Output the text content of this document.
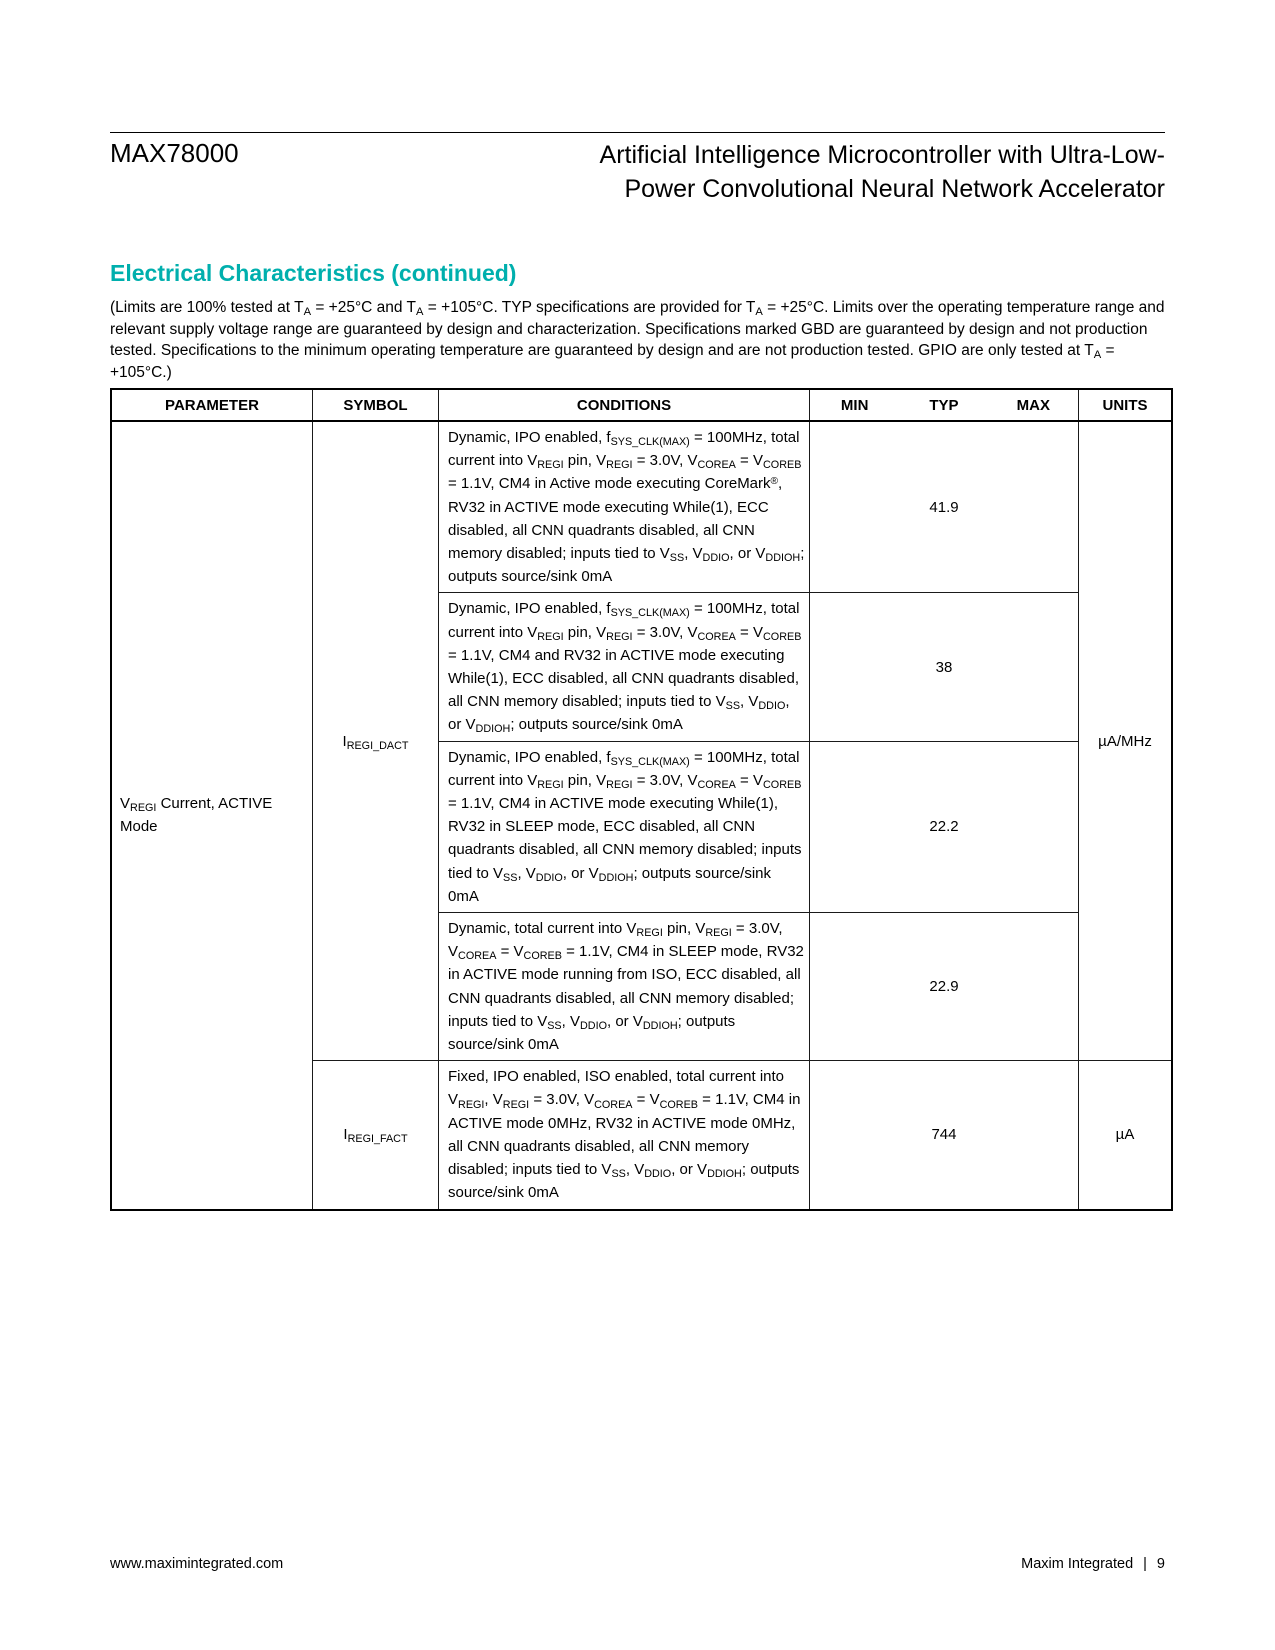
MAX78000	Artificial Intelligence Microcontroller with Ultra-Low-
Power Convolutional Neural Network Accelerator
Electrical Characteristics (continued)

(Limits are 100% tested at $T_A = +25^\circ C$ and $T_A = +105^\circ C$. TYP specifications are provided for $T_A = +25^\circ C$. Limits over the operating temperature range and relevant supply voltage range are guaranteed by design and characterization. Specifications marked GBD are guaranteed by design and not production tested. Specifications to the minimum operating temperature are guaranteed by design and are not production tested. GPIO are only tested at $T_A = +105^\circ C$.)

PARAMETER	SYMBOL	CONDITIONS	MIN TYP MAX	UNITS
$V_{REGI}$ Current, ACTIVE Mode	$I_{REGI\_DACT}$	Dynamic, IPO enabled, $f_{SYS\_CLK(MAX)} = 100MHz$, total current into $V_{REGI}$ pin, $V_{REGI} = 3.0V$, $V_{COREA} = V_{COREB} = 1.1V$, CM4 in Active mode executing CoreMark®, RV32 in ACTIVE mode executing While(1), ECC disabled, all CNN quadrants disabled, all CNN memory disabled; inputs tied to $V_{SS}$, $V_{DDIO}$, or $V_{DDIOH}$; outputs source/sink 0mA	41.9	µA/MHz
		Dynamic, IPO enabled, $f_{SYS\_CLK(MAX)} = 100MHz$, total current into $V_{REGI}$ pin, $V_{REGI} = 3.0V$, $V_{COREA} = V_{COREB} = 1.1V$, CM4 and RV32 in ACTIVE mode executing While(1), ECC disabled, all CNN quadrants disabled, all CNN memory disabled; inputs tied to $V_{SS}$, $V_{DDIO}$, or $V_{DDIOH}$; outputs source/sink 0mA	38	

		Dynamic, IPO enabled, $f_{SYS\_CLK(MAX)} = 100MHz$, total current into $V_{REGI}$ pin, $V_{REGI} = 3.0V$, $V_{COREA} = V_{COREB} = 1.1V$, CM4 in ACTIVE mode executing While(1), RV32 in SLEEP mode, ECC disabled, all CNN quadrants disabled, all CNN memory disabled; inputs tied to $V_{SS}$, $V_{DDIO}$, or $V_{DDIOH}$; outputs source/sink 0mA	22.2	

		Dynamic, total current into $V_{REGI}$ pin, $V_{REGI} = 3.0V$, $V_{COREA} = V_{COREB} = 1.1V$, CM4 in SLEEP mode, RV32 in ACTIVE mode running from ISO, ECC disabled, all CNN quadrants disabled, all CNN memory disabled; inputs tied to $V_{SS}$, $V_{DDIO}$, or $V_{DDIOH}$; outputs source/sink 0mA	22.9	

	$I_{REGI\_FACT}$	Fixed, IPO enabled, ISO enabled, total current into $V_{REGI}$, $V_{REGI} = 3.0V$, $V_{COREA} = V_{COREB} = 1.1V$, CM4 in ACTIVE mode 0MHz, RV32 in ACTIVE mode 0MHz, all CNN quadrants disabled, all CNN memory disabled; inputs tied to $V_{SS}$, $V_{DDIO}$, or $V_{DDIOH}$; outputs source/sink 0mA	744	µA
www.maximintegrated.com	Maxim Integrated | 9
